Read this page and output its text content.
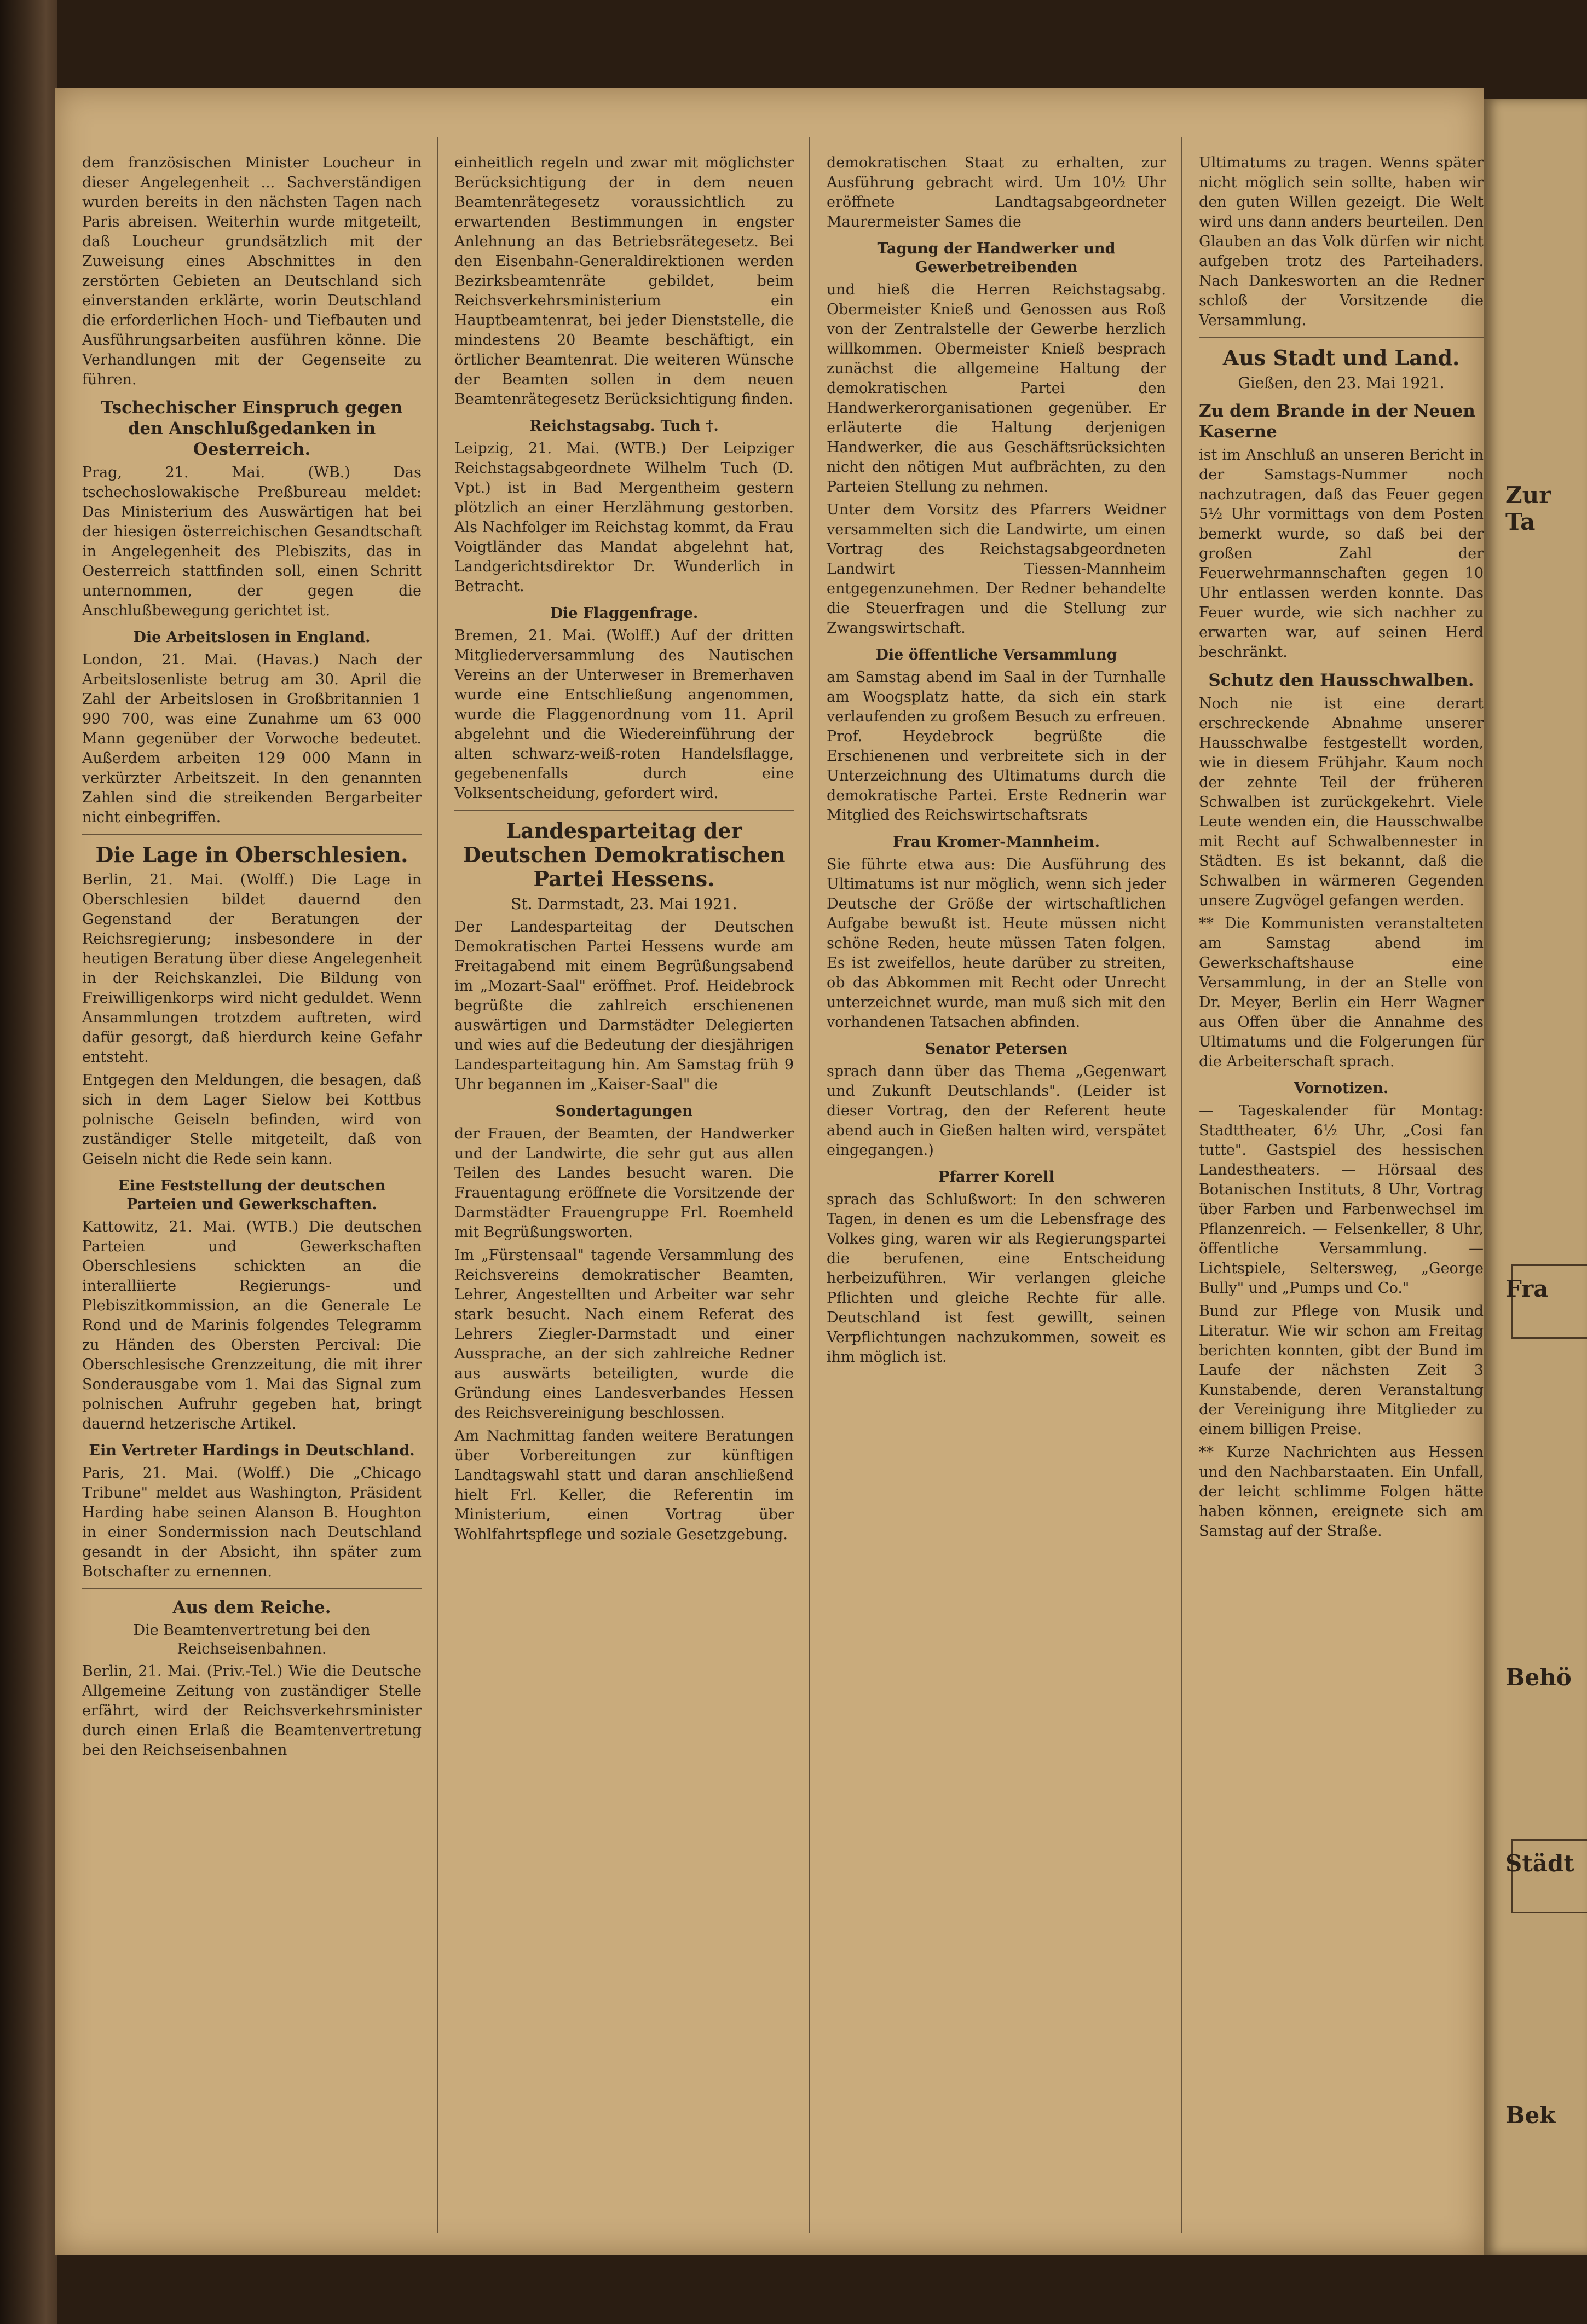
dem französischen Minister Loucheur in dieser Angelegenheit ... Sachverständigen wurden bereits in den nächsten Tagen nach Paris abreisen. Weiterhin wurde mitgeteilt, daß Loucheur grundsätzlich mit der Zuweisung eines Abschnittes in den zerstörten Gebieten an Deutschland sich einverstanden erklärte, worin Deutschland die erforderlichen Hoch- und Tiefbauten und Ausführungsarbeiten ausführen könne. Die Verhandlungen mit der Gegenseite zu führen.

Tschechischer Einspruch gegen den Anschlußgedanken in Oesterreich.

Prag, 21. Mai. (WB.) Das tschechoslowakische Preßbureau meldet: Das Ministerium des Auswärtigen hat bei der hiesigen österreichischen Gesandtschaft in Angelegenheit des Plebiszits, das in Oesterreich stattfinden soll, einen Schritt unternommen, der gegen die Anschlußbewegung gerichtet ist.

Die Arbeitslosen in England.

London, 21. Mai. (Havas.) Nach der Arbeitslosenliste betrug am 30. April die Zahl der Arbeitslosen in Großbritannien 1 990 700, was eine Zunahme um 63 000 Mann gegenüber der Vorwoche bedeutet. Außerdem arbeiten 129 000 Mann in verkürzter Arbeitszeit. In den genannten Zahlen sind die streikenden Bergarbeiter nicht einbegriffen.

Die Lage in Oberschlesien.

Berlin, 21. Mai. (Wolff.) Die Lage in Oberschlesien bildet dauernd den Gegenstand der Beratungen der Reichsregierung; insbesondere in der heutigen Beratung über diese Angelegenheit in der Reichskanzlei. Die Bildung von Freiwilligenkorps wird nicht geduldet. Wenn Ansammlungen trotzdem auftreten, wird dafür gesorgt, daß hierdurch keine Gefahr entsteht.

Entgegen den Meldungen, die besagen, daß sich in dem Lager Sielow bei Kottbus polnische Geiseln befinden, wird von zuständiger Stelle mitgeteilt, daß von Geiseln nicht die Rede sein kann.

Eine Feststellung der deutschen Parteien und Gewerkschaften.

Kattowitz, 21. Mai. (WTB.) Die deutschen Parteien und Gewerkschaften Oberschlesiens schickten an die interalliierte Regierungs- und Plebiszitkommission, an die Generale Le Rond und de Marinis folgendes Telegramm zu Händen des Obersten Percival: Die Oberschlesische Grenzzeitung, die mit ihrer Sonderausgabe vom 1. Mai das Signal zum polnischen Aufruhr gegeben hat, bringt dauernd hetzerische Artikel.

Ein Vertreter Hardings in Deutschland.

Paris, 21. Mai. (Wolff.) Die „Chicago Tribune" meldet aus Washington, Präsident Harding habe seinen Alanson B. Houghton in einer Sondermission nach Deutschland gesandt in der Absicht, ihn später zum Botschafter zu ernennen.

Aus dem Reiche.
Die Beamtenvertretung bei den Reichseisenbahnen.

Berlin, 21. Mai. (Priv.-Tel.) Wie die Deutsche Allgemeine Zeitung von zuständiger Stelle erfährt, wird der Reichsverkehrsminister durch einen Erlaß die Beamtenvertretung bei den Reichseisenbahnen

einheitlich regeln und zwar mit möglichster Berücksichtigung der in dem neuen Beamtenrätegesetz voraussichtlich zu erwartenden Bestimmungen in engster Anlehnung an das Betriebsrätegesetz. Bei den Eisenbahn-Generaldirektionen werden Bezirksbeamtenräte gebildet, beim Reichsverkehrsministerium ein Hauptbeamtenrat, bei jeder Dienststelle, die mindestens 20 Beamte beschäftigt, ein örtlicher Beamtenrat. Die weiteren Wünsche der Beamten sollen in dem neuen Beamtenrätegesetz Berücksichtigung finden.

Reichstagsabg. Tuch †.

Leipzig, 21. Mai. (WTB.) Der Leipziger Reichstagsabgeordnete Wilhelm Tuch (D. Vpt.) ist in Bad Mergentheim gestern plötzlich an einer Herzlähmung gestorben. Als Nachfolger im Reichstag kommt, da Frau Voigtländer das Mandat abgelehnt hat, Landgerichtsdirektor Dr. Wunderlich in Betracht.

Die Flaggenfrage.

Bremen, 21. Mai. (Wolff.) Auf der dritten Mitgliederversammlung des Nautischen Vereins an der Unterweser in Bremerhaven wurde eine Entschließung angenommen, wurde die Flaggenordnung vom 11. April abgelehnt und die Wiedereinführung der alten schwarz-weiß-roten Handelsflagge, gegebenenfalls durch eine Volksentscheidung, gefordert wird.

Landesparteitag der Deutschen Demokratischen Partei Hessens.
St. Darmstadt, 23. Mai 1921.

Der Landesparteitag der Deutschen Demokratischen Partei Hessens wurde am Freitagabend mit einem Begrüßungsabend im „Mozart-Saal" eröffnet. Prof. Heidebrock begrüßte die zahlreich erschienenen auswärtigen und Darmstädter Delegierten und wies auf die Bedeutung der diesjährigen Landesparteitagung hin. Am Samstag früh 9 Uhr begannen im „Kaiser-Saal" die

Sondertagungen

der Frauen, der Beamten, der Handwerker und der Landwirte, die sehr gut aus allen Teilen des Landes besucht waren. Die Frauentagung eröffnete die Vorsitzende der Darmstädter Frauengruppe Frl. Roemheld mit Begrüßungsworten.

Im „Fürstensaal" tagende Versammlung des Reichsvereins demokratischer Beamten, Lehrer, Angestellten und Arbeiter war sehr stark besucht. Nach einem Referat des Lehrers Ziegler-Darmstadt und einer Aussprache, an der sich zahlreiche Redner aus auswärts beteiligten, wurde die Gründung eines Landesverbandes Hessen des Reichsvereinigung beschlossen.

Am Nachmittag fanden weitere Beratungen über Vorbereitungen zur künftigen Landtagswahl statt und daran anschließend hielt Frl. Keller, die Referentin im Ministerium, einen Vortrag über Wohlfahrtspflege und soziale Gesetzgebung.

demokratischen Staat zu erhalten, zur Ausführung gebracht wird. Um 10½ Uhr eröffnete Landtagsabgeordneter Maurermeister Sames die

Tagung der Handwerker und Gewerbetreibenden

und hieß die Herren Reichstagsabg. Obermeister Knieß und Genossen aus Roß von der Zentralstelle der Gewerbe herzlich willkommen. Obermeister Knieß besprach zunächst die allgemeine Haltung der demokratischen Partei den Handwerkerorganisationen gegenüber. Er erläuterte die Haltung derjenigen Handwerker, die aus Geschäftsrücksichten nicht den nötigen Mut aufbrächten, zu den Parteien Stellung zu nehmen.

Unter dem Vorsitz des Pfarrers Weidner versammelten sich die Landwirte, um einen Vortrag des Reichstagsabgeordneten Landwirt Tiessen-Mannheim entgegenzunehmen. Der Redner behandelte die Steuerfragen und die Stellung zur Zwangswirtschaft.

Die öffentliche Versammlung

am Samstag abend im Saal in der Turnhalle am Woogsplatz hatte, da sich ein stark verlaufenden zu großem Besuch zu erfreuen. Prof. Heydebrock begrüßte die Erschienenen und verbreitete sich in der Unterzeichnung des Ultimatums durch die demokratische Partei. Erste Rednerin war Mitglied des Reichswirtschaftsrats

Frau Kromer-Mannheim.

Sie führte etwa aus: Die Ausführung des Ultimatums ist nur möglich, wenn sich jeder Deutsche der Größe der wirtschaftlichen Aufgabe bewußt ist. Heute müssen nicht schöne Reden, heute müssen Taten folgen. Es ist zweifellos, heute darüber zu streiten, ob das Abkommen mit Recht oder Unrecht unterzeichnet wurde, man muß sich mit den vorhandenen Tatsachen abfinden.

Senator Petersen

sprach dann über das Thema „Gegenwart und Zukunft Deutschlands". (Leider ist dieser Vortrag, den der Referent heute abend auch in Gießen halten wird, verspätet eingegangen.)

Pfarrer Korell

sprach das Schlußwort: In den schweren Tagen, in denen es um die Lebensfrage des Volkes ging, waren wir als Regierungspartei die berufenen, eine Entscheidung herbeizuführen. Wir verlangen gleiche Pflichten und gleiche Rechte für alle. Deutschland ist fest gewillt, seinen Verpflichtungen nachzukommen, soweit es ihm möglich ist.

Ultimatums zu tragen. Wenns später nicht möglich sein sollte, haben wir den guten Willen gezeigt. Die Welt wird uns dann anders beurteilen. Den Glauben an das Volk dürfen wir nicht aufgeben trotz des Parteihaders. Nach Dankesworten an die Redner schloß der Vorsitzende die Versammlung.

Aus Stadt und Land.
Gießen, den 23. Mai 1921.
Zu dem Brande in der Neuen Kaserne

ist im Anschluß an unseren Bericht in der Samstags-Nummer noch nachzutragen, daß das Feuer gegen 5½ Uhr vormittags von dem Posten bemerkt wurde, so daß bei der großen Zahl der Feuerwehrmannschaften gegen 10 Uhr entlassen werden konnte. Das Feuer wurde, wie sich nachher zu erwarten war, auf seinen Herd beschränkt.

Schutz den Hausschwalben.

Noch nie ist eine derart erschreckende Abnahme unserer Hausschwalbe festgestellt worden, wie in diesem Frühjahr. Kaum noch der zehnte Teil der früheren Schwalben ist zurückgekehrt. Viele Leute wenden ein, die Hausschwalbe mit Recht auf Schwalbennester in Städten. Es ist bekannt, daß die Schwalben in wärmeren Gegenden unsere Zugvögel gefangen werden.

** Die Kommunisten veranstalteten am Samstag abend im Gewerkschaftshause eine Versammlung, in der an Stelle von Dr. Meyer, Berlin ein Herr Wagner aus Offen über die Annahme des Ultimatums und die Folgerungen für die Arbeiterschaft sprach.

Vornotizen.

— Tageskalender für Montag: Stadttheater, 6½ Uhr, „Cosi fan tutte". Gastspiel des hessischen Landestheaters. — Hörsaal des Botanischen Instituts, 8 Uhr, Vortrag über Farben und Farbenwechsel im Pflanzenreich. — Felsenkeller, 8 Uhr, öffentliche Versammlung. — Lichtspiele, Seltersweg, „George Bully" und „Pumps und Co."

Bund zur Pflege von Musik und Literatur. Wie wir schon am Freitag berichten konnten, gibt der Bund im Laufe der nächsten Zeit 3 Kunstabende, deren Veranstaltung der Vereinigung ihre Mitglieder zu einem billigen Preise.

** Kurze Nachrichten aus Hessen und den Nachbarstaaten. Ein Unfall, der leicht schlimme Folgen hätte haben können, ereignete sich am Samstag auf der Straße.

Zur Ta
Fra
Behö
Städt
Bek
